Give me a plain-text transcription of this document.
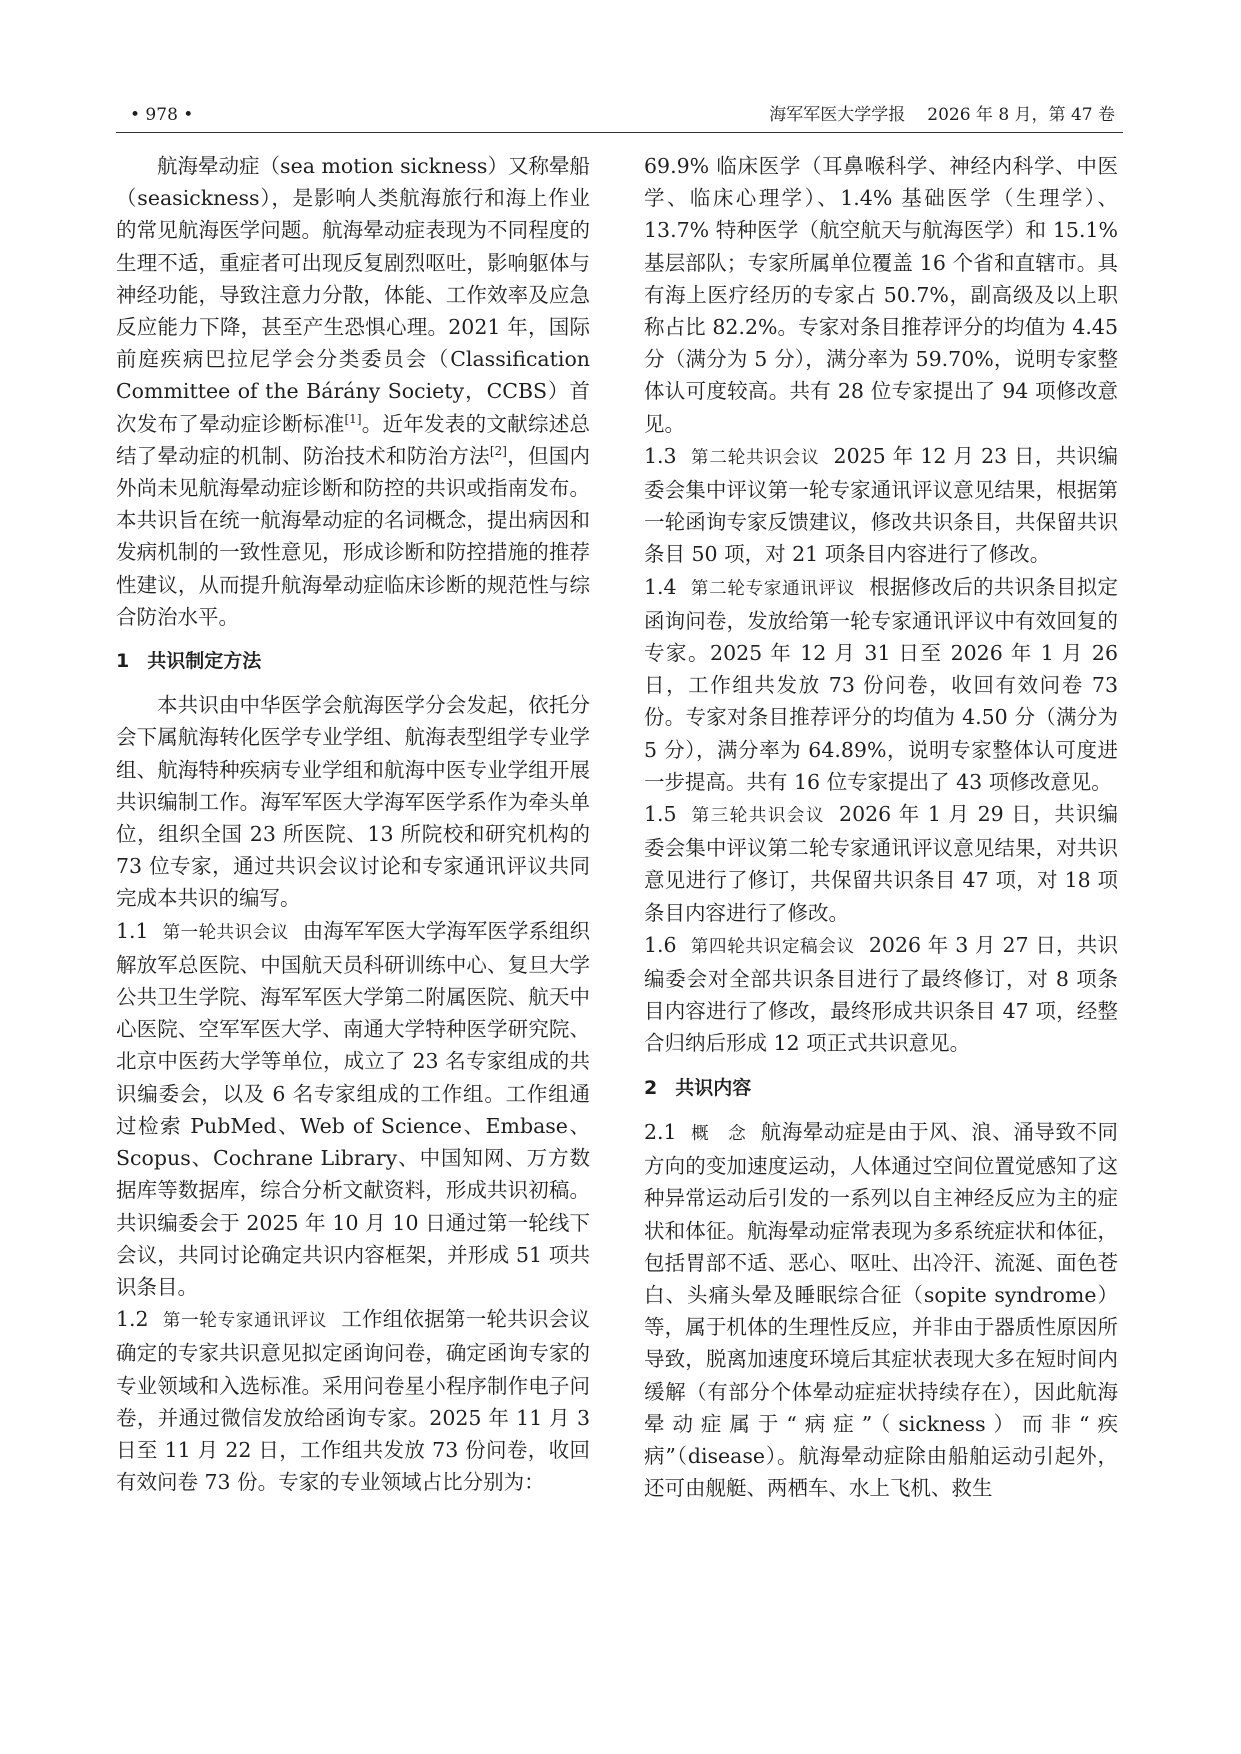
• 978 •	海军军医大学学报 2026 年 8 月，第 47 卷

航海晕动症（sea motion sickness）又称晕船（seasickness），是影响人类航海旅行和海上作业的常见航海医学问题。航海晕动症表现为不同程度的生理不适，重症者可出现反复剧烈呕吐，影响躯体与神经功能，导致注意力分散，体能、工作效率及应急反应能力下降，甚至产生恐惧心理。2021 年，国际前庭疾病巴拉尼学会分类委员会（Classification Committee of the Bárány Society，CCBS）首次发布了晕动症诊断标准[1]。近年发表的文献综述总结了晕动症的机制、防治技术和防治方法[2]，但国内外尚未见航海晕动症诊断和防控的共识或指南发布。本共识旨在统一航海晕动症的名词概念，提出病因和发病机制的一致性意见，形成诊断和防控措施的推荐性建议，从而提升航海晕动症临床诊断的规范性与综合防治水平。

1 共识制定方法

本共识由中华医学会航海医学分会发起，依托分会下属航海转化医学专业学组、航海表型组学专业学组、航海特种疾病专业学组和航海中医专业学组开展共识编制工作。海军军医大学海军医学系作为牵头单位，组织全国 23 所医院、13 所院校和研究机构的 73 位专家，通过共识会议讨论和专家通讯评议共同完成本共识的编写。

1.1 第一轮共识会议 由海军军医大学海军医学系组织解放军总医院、中国航天员科研训练中心、复旦大学公共卫生学院、海军军医大学第二附属医院、航天中心医院、空军军医大学、南通大学特种医学研究院、北京中医药大学等单位，成立了 23 名专家组成的共识编委会，以及 6 名专家组成的工作组。工作组通过检索 PubMed、Web of Science、Embase、Scopus、Cochrane Library、中国知网、万方数据库等数据库，综合分析文献资料，形成共识初稿。共识编委会于 2025 年 10 月 10 日通过第一轮线下会议，共同讨论确定共识内容框架，并形成 51 项共识条目。

1.2 第一轮专家通讯评议 工作组依据第一轮共识会议确定的专家共识意见拟定函询问卷，确定函询专家的专业领域和入选标准。采用问卷星小程序制作电子问卷，并通过微信发放给函询专家。2025 年 11 月 3 日至 11 月 22 日，工作组共发放 73 份问卷，收回有效问卷 73 份。专家的专业领域占比分别为：

69.9% 临床医学（耳鼻喉科学、神经内科学、中医学、临床心理学）、1.4% 基础医学（生理学）、13.7% 特种医学（航空航天与航海医学）和 15.1% 基层部队；专家所属单位覆盖 16 个省和直辖市。具有海上医疗经历的专家占 50.7%，副高级及以上职称占比 82.2%。专家对条目推荐评分的均值为 4.45 分（满分为 5 分），满分率为 59.70%，说明专家整体认可度较高。共有 28 位专家提出了 94 项修改意见。

1.3 第二轮共识会议 2025 年 12 月 23 日，共识编委会集中评议第一轮专家通讯评议意见结果，根据第一轮函询专家反馈建议，修改共识条目，共保留共识条目 50 项，对 21 项条目内容进行了修改。

1.4 第二轮专家通讯评议 根据修改后的共识条目拟定函询问卷，发放给第一轮专家通讯评议中有效回复的专家。2025 年 12 月 31 日至 2026 年 1 月 26 日，工作组共发放 73 份问卷，收回有效问卷 73 份。专家对条目推荐评分的均值为 4.50 分（满分为 5 分），满分率为 64.89%，说明专家整体认可度进一步提高。共有 16 位专家提出了 43 项修改意见。

1.5 第三轮共识会议 2026 年 1 月 29 日，共识编委会集中评议第二轮专家通讯评议意见结果，对共识意见进行了修订，共保留共识条目 47 项，对 18 项条目内容进行了修改。

1.6 第四轮共识定稿会议 2026 年 3 月 27 日，共识编委会对全部共识条目进行了最终修订，对 8 项条目内容进行了修改，最终形成共识条目 47 项，经整合归纳后形成 12 项正式共识意见。

2 共识内容

2.1 概　念 航海晕动症是由于风、浪、涌导致不同方向的变加速度运动，人体通过空间位置觉感知了这种异常运动后引发的一系列以自主神经反应为主的症状和体征。航海晕动症常表现为多系统症状和体征，包括胃部不适、恶心、呕吐、出冷汗、流涎、面色苍白、头痛头晕及睡眠综合征（sopite syndrome）等，属于机体的生理性反应，并非由于器质性原因所导致，脱离加速度环境后其症状表现大多在短时间内缓解（有部分个体晕动症症状持续存在），因此航海晕动症属于“病症”（sickness）而非“疾病”（disease）。航海晕动症除由船舶运动引起外，还可由舰艇、两栖车、水上飞机、救生
